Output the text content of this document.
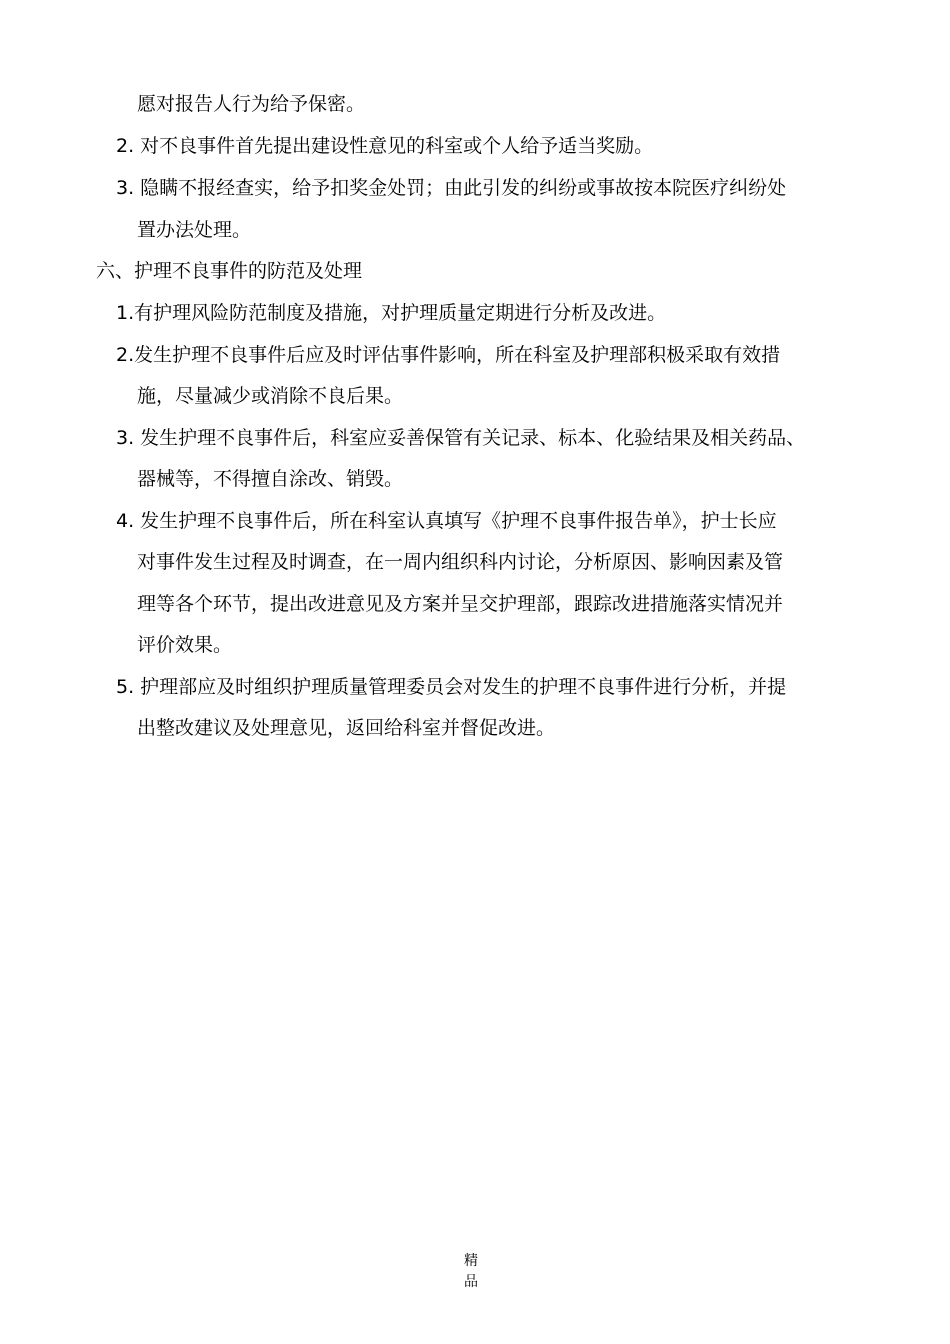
愿对报告人行为给予保密。
2. 对不良事件首先提出建设性意见的科室或个人给予适当奖励。
3. 隐瞒不报经查实，给予扣奖金处罚；由此引发的纠纷或事故按本院医疗纠纷处
置办法处理。
六、护理不良事件的防范及处理
1.有护理风险防范制度及措施，对护理质量定期进行分析及改进。
2.发生护理不良事件后应及时评估事件影响，所在科室及护理部积极采取有效措
施，尽量减少或消除不良后果。
3. 发生护理不良事件后，科室应妥善保管有关记录、标本、化验结果及相关药品、
器械等，不得擅自涂改、销毁。
4. 发生护理不良事件后，所在科室认真填写《护理不良事件报告单》，护士长应
对事件发生过程及时调查，在一周内组织科内讨论，分析原因、影响因素及管
理等各个环节，提出改进意见及方案并呈交护理部，跟踪改进措施落实情况并
评价效果。
5. 护理部应及时组织护理质量管理委员会对发生的护理不良事件进行分析，并提
出整改建议及处理意见，返回给科室并督促改进。
精品
